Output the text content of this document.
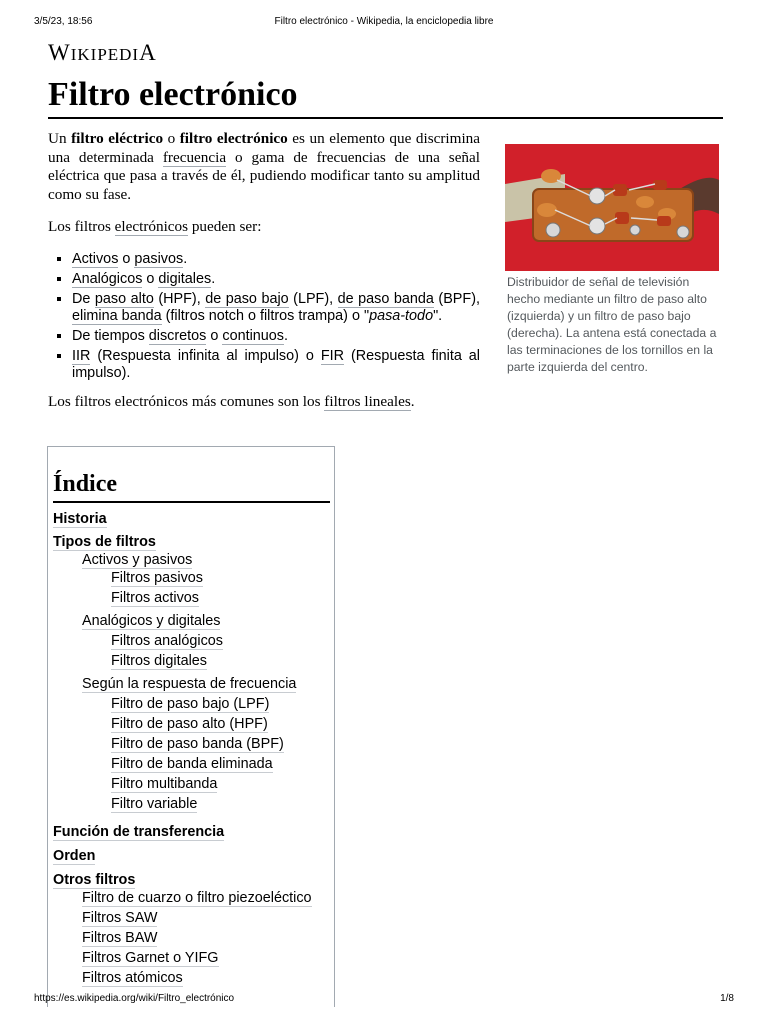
3/5/23, 18:56	Filtro electrónico - Wikipedia, la enciclopedia libre
WIKIPEDIA
Filtro electrónico

Un filtro eléctrico o filtro electrónico es un elemento que discrimina una determinada frecuencia o gama de frecuencias de una señal eléctrica que pasa a través de él, pudiendo modificar tanto su amplitud como su fase.

Los filtros electrónicos pueden ser:

▪ Activos o pasivos.
▪ Analógicos o digitales.
▪ De paso alto (HPF), de paso bajo (LPF), de paso banda (BPF), elimina banda (filtros notch o filtros trampa) o "pasa-todo".
▪ De tiempos discretos o continuos.
▪ IIR (Respuesta infinita al impulso) o FIR (Respuesta finita al impulso).

Los filtros electrónicos más comunes son los filtros lineales.

Distribuidor de señal de televisión hecho mediante un filtro de paso alto (izquierda) y un filtro de paso bajo (derecha). La antena está conectada a las terminaciones de los tornillos en la parte izquierda del centro.
Índice
Historia
Tipos de filtros
Activos y pasivos
Filtros pasivos
Filtros activos
Analógicos y digitales
Filtros analógicos
Filtros digitales
Según la respuesta de frecuencia
Filtro de paso bajo (LPF)
Filtro de paso alto (HPF)
Filtro de paso banda (BPF)
Filtro de banda eliminada
Filtro multibanda
Filtro variable
Función de transferencia
Orden
Otros filtros
Filtro de cuarzo o filtro piezoeléctico
Filtros SAW
Filtros BAW
Filtros Garnet o YIFG
Filtros atómicos
https://es.wikipedia.org/wiki/Filtro_electrónico	1/8
